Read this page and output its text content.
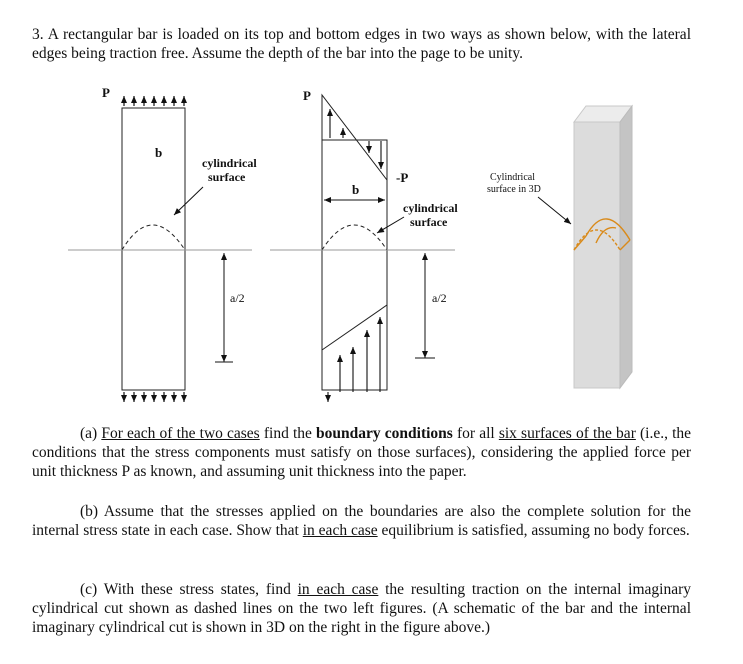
3. A rectangular bar is loaded on its top and bottom edges in two ways as shown below, with the lateral edges being traction free. Assume the depth of the bar into the page to be unity.
P
b
cylindrical
surface
a/2
P
-P
b
cylindrical
surface
a/2
Cylindrical
surface in 3D
(a) For each of the two cases find the boundary conditions for all six surfaces of the bar (i.e., the conditions that the stress components must satisfy on those surfaces), considering the applied force per unit thickness P as known, and assuming unit thickness into the paper.
(b) Assume that the stresses applied on the boundaries are also the complete solution for the internal stress state in each case. Show that in each case equilibrium is satisfied, assuming no body forces.
(c) With these stress states, find in each case the resulting traction on the internal imaginary cylindrical cut shown as dashed lines on the two left figures. (A schematic of the bar and the internal imaginary cylindrical cut is shown in 3D on the right in the figure above.)
